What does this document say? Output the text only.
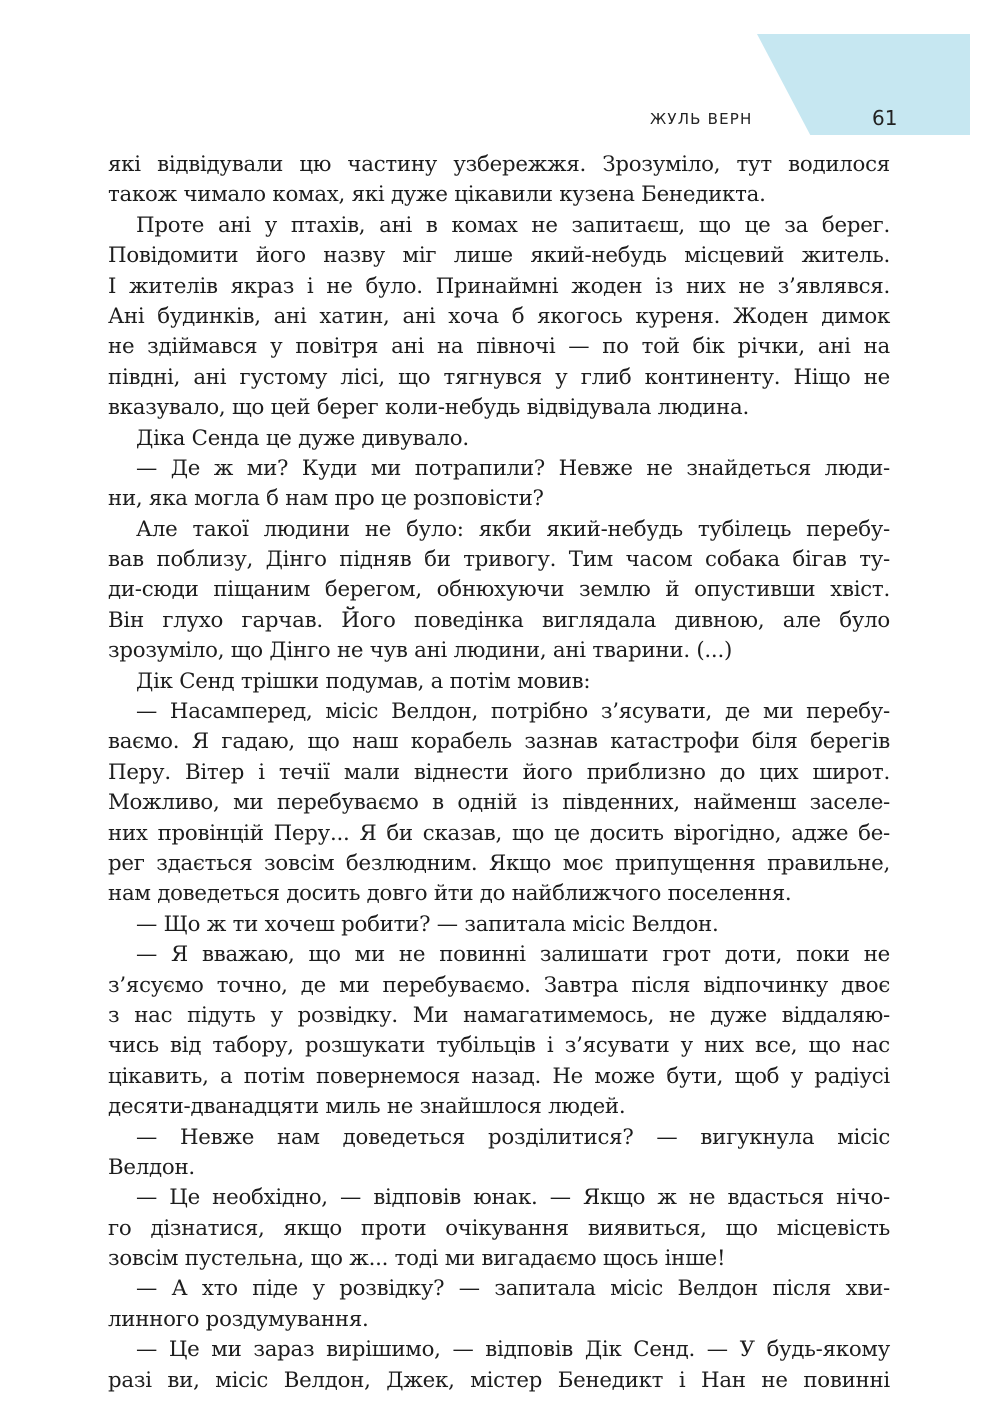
ЖУЛЬ ВЕРН	61
які відвідували цю частину узбережжя. Зрозуміло, тут водилося
також чимало комах, які дуже цікавили кузена Бенедикта.
Проте ані у птахів, ані в комах не запитаєш, що це за берег.
Повідомити його назву міг лише який-небудь місцевий житель.
І жителів якраз і не було. Принаймні жоден із них не з’являвся.
Ані будинків, ані хатин, ані хоча б якогось куреня. Жоден димок
не здіймався у повітря ані на півночі — по той бік річки, ані на
півдні, ані густому лісі, що тягнувся у глиб континенту. Ніщо не
вказувало, що цей берег коли-небудь відвідувала людина.
Діка Сенда це дуже дивувало.
— Де ж ми? Куди ми потрапили? Невже не знайдеться люди-
ни, яка могла б нам про це розповісти?
Але такої людини не було: якби який-небудь тубілець перебу-
вав поблизу, Дінго підняв би тривогу. Тим часом собака бігав ту-
ди-сюди піщаним берегом, обнюхуючи землю й опустивши хвіст.
Він глухо гарчав. Його поведінка виглядала дивною, але було
зрозуміло, що Дінго не чув ані людини, ані тварини. (...)
Дік Сенд трішки подумав, а потім мовив:
— Насамперед, місіс Велдон, потрібно з’ясувати, де ми перебу-
ваємо. Я гадаю, що наш корабель зазнав катастрофи біля берегів
Перу. Вітер і течії мали віднести його приблизно до цих широт.
Можливо, ми перебуваємо в одній із південних, найменш заселе-
них провінцій Перу... Я би сказав, що це досить вірогідно, адже бе-
рег здається зовсім безлюдним. Якщо моє припущення правильне,
нам доведеться досить довго йти до найближчого поселення.
— Що ж ти хочеш робити? — запитала місіс Велдон.
— Я вважаю, що ми не повинні залишати грот доти, поки не
з’ясуємо точно, де ми перебуваємо. Завтра після відпочинку двоє
з нас підуть у розвідку. Ми намагатимемось, не дуже віддаляю-
чись від табору, розшукати тубільців і з’ясувати у них все, що нас
цікавить, а потім повернемося назад. Не може бути, щоб у радіусі
десяти-дванадцяти миль не знайшлося людей.
— Невже нам доведеться розділитися? — вигукнула місіс
Велдон.
— Це необхідно, — відповів юнак. — Якщо ж не вдасться нічо-
го дізнатися, якщо проти очікування виявиться, що місцевість
зовсім пустельна, що ж... тоді ми вигадаємо щось інше!
— А хто піде у розвідку? — запитала місіс Велдон після хви-
линного роздумування.
— Це ми зараз вирішимо, — відповів Дік Сенд. — У будь-якому
разі ви, місіс Велдон, Джек, містер Бенедикт і Нан не повинні
